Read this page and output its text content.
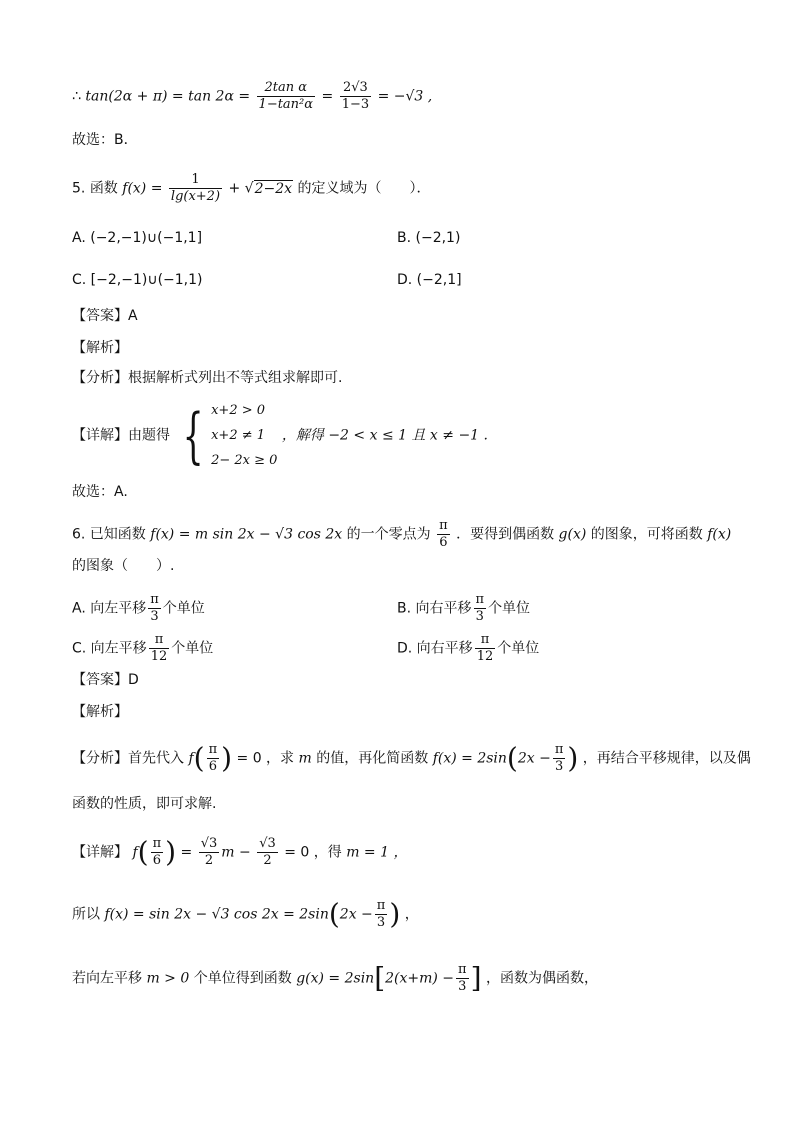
∴ $\tan(2\alpha + \pi) = \tan 2\alpha = \frac{\text{2tan α}}{\text{1−tan²α}} = \frac{2√3}{1-3} = -√3$ ,
故选：B．
5. 函数 $f(x) = \frac{1}{\lg(x+2)} + √2-2x$ 的定义域为（　　）．
A. (−2,−1)∪(−1,1]	B. (−2,1)
C. [−2,−1)∪(−1,1)	D. (−2,1]
【答案】A
【解析】
【分析】根据解析式列出不等式组求解即可.
【详解】由题得 { x+2 > 0
x+2 ≠ 1
2− 2x ≥ 0
，解得 −2 < x ≤ 1 且 x ≠ −1 .
故选：A.
6. 已知函数 f(x) = m sin 2x − √3 cos 2x 的一个零点为 $\frac{\pi}{6}$ ．要得到偶函数 g(x) 的图象，可将函数 f(x)
的图象（　　）.
A. 向左平移 $\frac{\pi}{3}$ 个单位	B. 向右平移 $\frac{\pi}{3}$ 个单位
C. 向左平移 $\frac{\pi}{12}$ 个单位	D. 向右平移 $\frac{\pi}{12}$ 个单位
【答案】D
【解析】
【分析】首先代入 $f( \frac{\pi}{6}$ ) = 0 ，求 m 的值，再化简函数 $f(x) = 2\sin(2x - \frac{\pi}{3}$ ) ，再结合平移规律，以及偶
函数的性质，即可求解.
【详解】 $f( \frac{\pi}{6}$ ) = $\frac{√3}{2}$ $m - \frac{√3}{2} = 0$ ，得 m = 1 ，
所以 f(x) = sin 2x − √3 $\cos 2x = 2\sin(2x - \frac{\pi}{3}$ ) ，
若向左平移 m > 0 个单位得到函数 $g(x) = 2\sin[2(x+m) - \frac{\pi}{3}$ ] ，函数为偶函数，
